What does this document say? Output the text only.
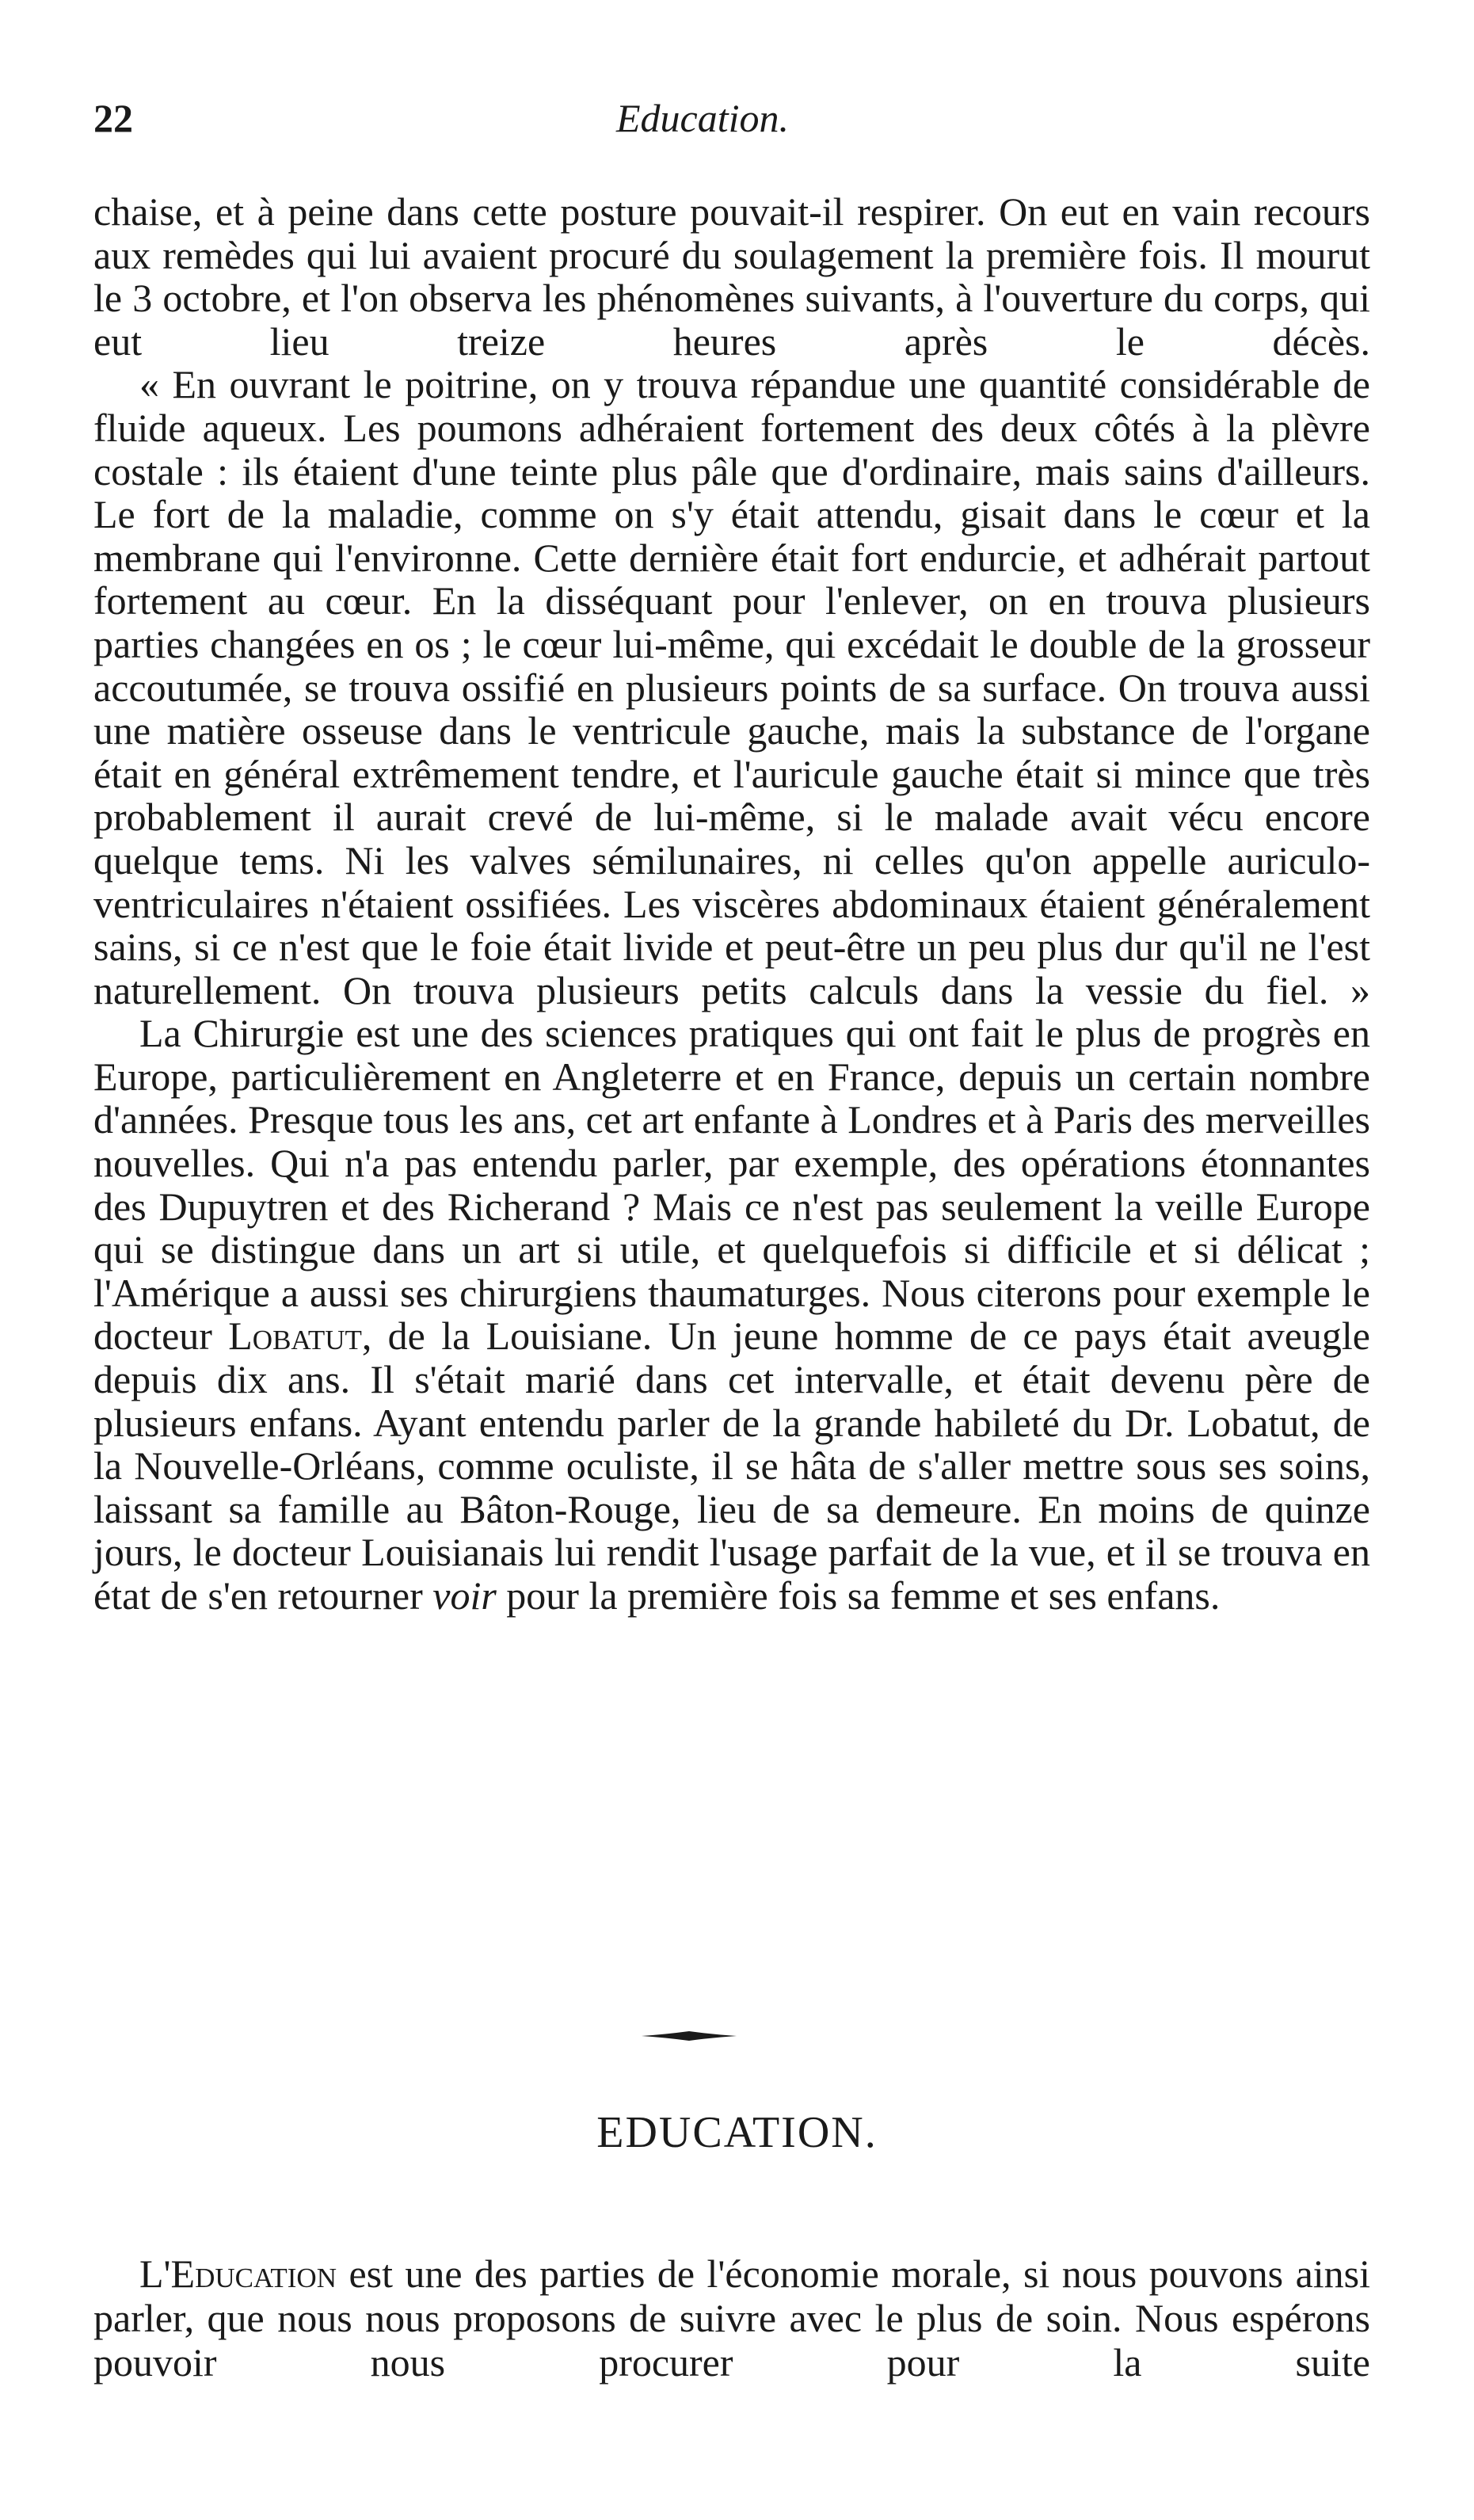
22	Education.

chaise, et à peine dans cette posture pouvait-il respirer. On eut en vain recours aux remèdes qui lui avaient procuré du soulagement la première fois. Il mourut le 3 octobre, et l'on observa les phénomènes suivants, à l'ouverture du corps, qui eut lieu treize heures après le décès.

« En ouvrant le poitrine, on y trouva répandue une quantité considérable de fluide aqueux. Les poumons adhéraient fortement des deux côtés à la plèvre costale : ils étaient d'une teinte plus pâle que d'ordinaire, mais sains d'ailleurs. Le fort de la maladie, comme on s'y était attendu, gisait dans le cœur et la membrane qui l'environne. Cette dernière était fort endurcie, et adhérait partout fortement au cœur. En la disséquant pour l'enlever, on en trouva plusieurs parties changées en os ; le cœur lui-même, qui excédait le double de la grosseur accoutumée, se trouva ossifié en plusieurs points de sa surface. On trouva aussi une matière osseuse dans le ventricule gauche, mais la substance de l'organe était en général extrêmement tendre, et l'auricule gauche était si mince que très probablement il aurait crevé de lui-même, si le malade avait vécu encore quelque tems. Ni les valves sémilunaires, ni celles qu'on appelle auriculo-ventriculaires n'étaient ossifiées. Les viscères abdominaux étaient généralement sains, si ce n'est que le foie était livide et peut-être un peu plus dur qu'il ne l'est naturellement. On trouva plusieurs petits calculs dans la vessie du fiel. »

La Chirurgie est une des sciences pratiques qui ont fait le plus de progrès en Europe, particulièrement en Angleterre et en France, depuis un certain nombre d'années. Presque tous les ans, cet art enfante à Londres et à Paris des merveilles nouvelles. Qui n'a pas entendu parler, par exemple, des opérations étonnantes des Dupuytren et des Richerand ? Mais ce n'est pas seulement la veille Europe qui se distingue dans un art si utile, et quelquefois si difficile et si délicat ; l'Amérique a aussi ses chirurgiens thaumaturges. Nous citerons pour exemple le docteur Lobatut, de la Louisiane. Un jeune homme de ce pays était aveugle depuis dix ans. Il s'était marié dans cet intervalle, et était devenu père de plusieurs enfans. Ayant entendu parler de la grande habileté du Dr. Lobatut, de la Nouvelle-Orléans, comme oculiste, il se hâta de s'aller mettre sous ses soins, laissant sa famille au Bâton-Rouge, lieu de sa demeure. En moins de quinze jours, le docteur Louisianais lui rendit l'usage parfait de la vue, et il se trouva en état de s'en retourner voir pour la première fois sa femme et ses enfans.

EDUCATION.

L'Education est une des parties de l'économie morale, si nous pouvons ainsi parler, que nous nous proposons de suivre avec le plus de soin. Nous espérons pouvoir nous procurer pour la suite
